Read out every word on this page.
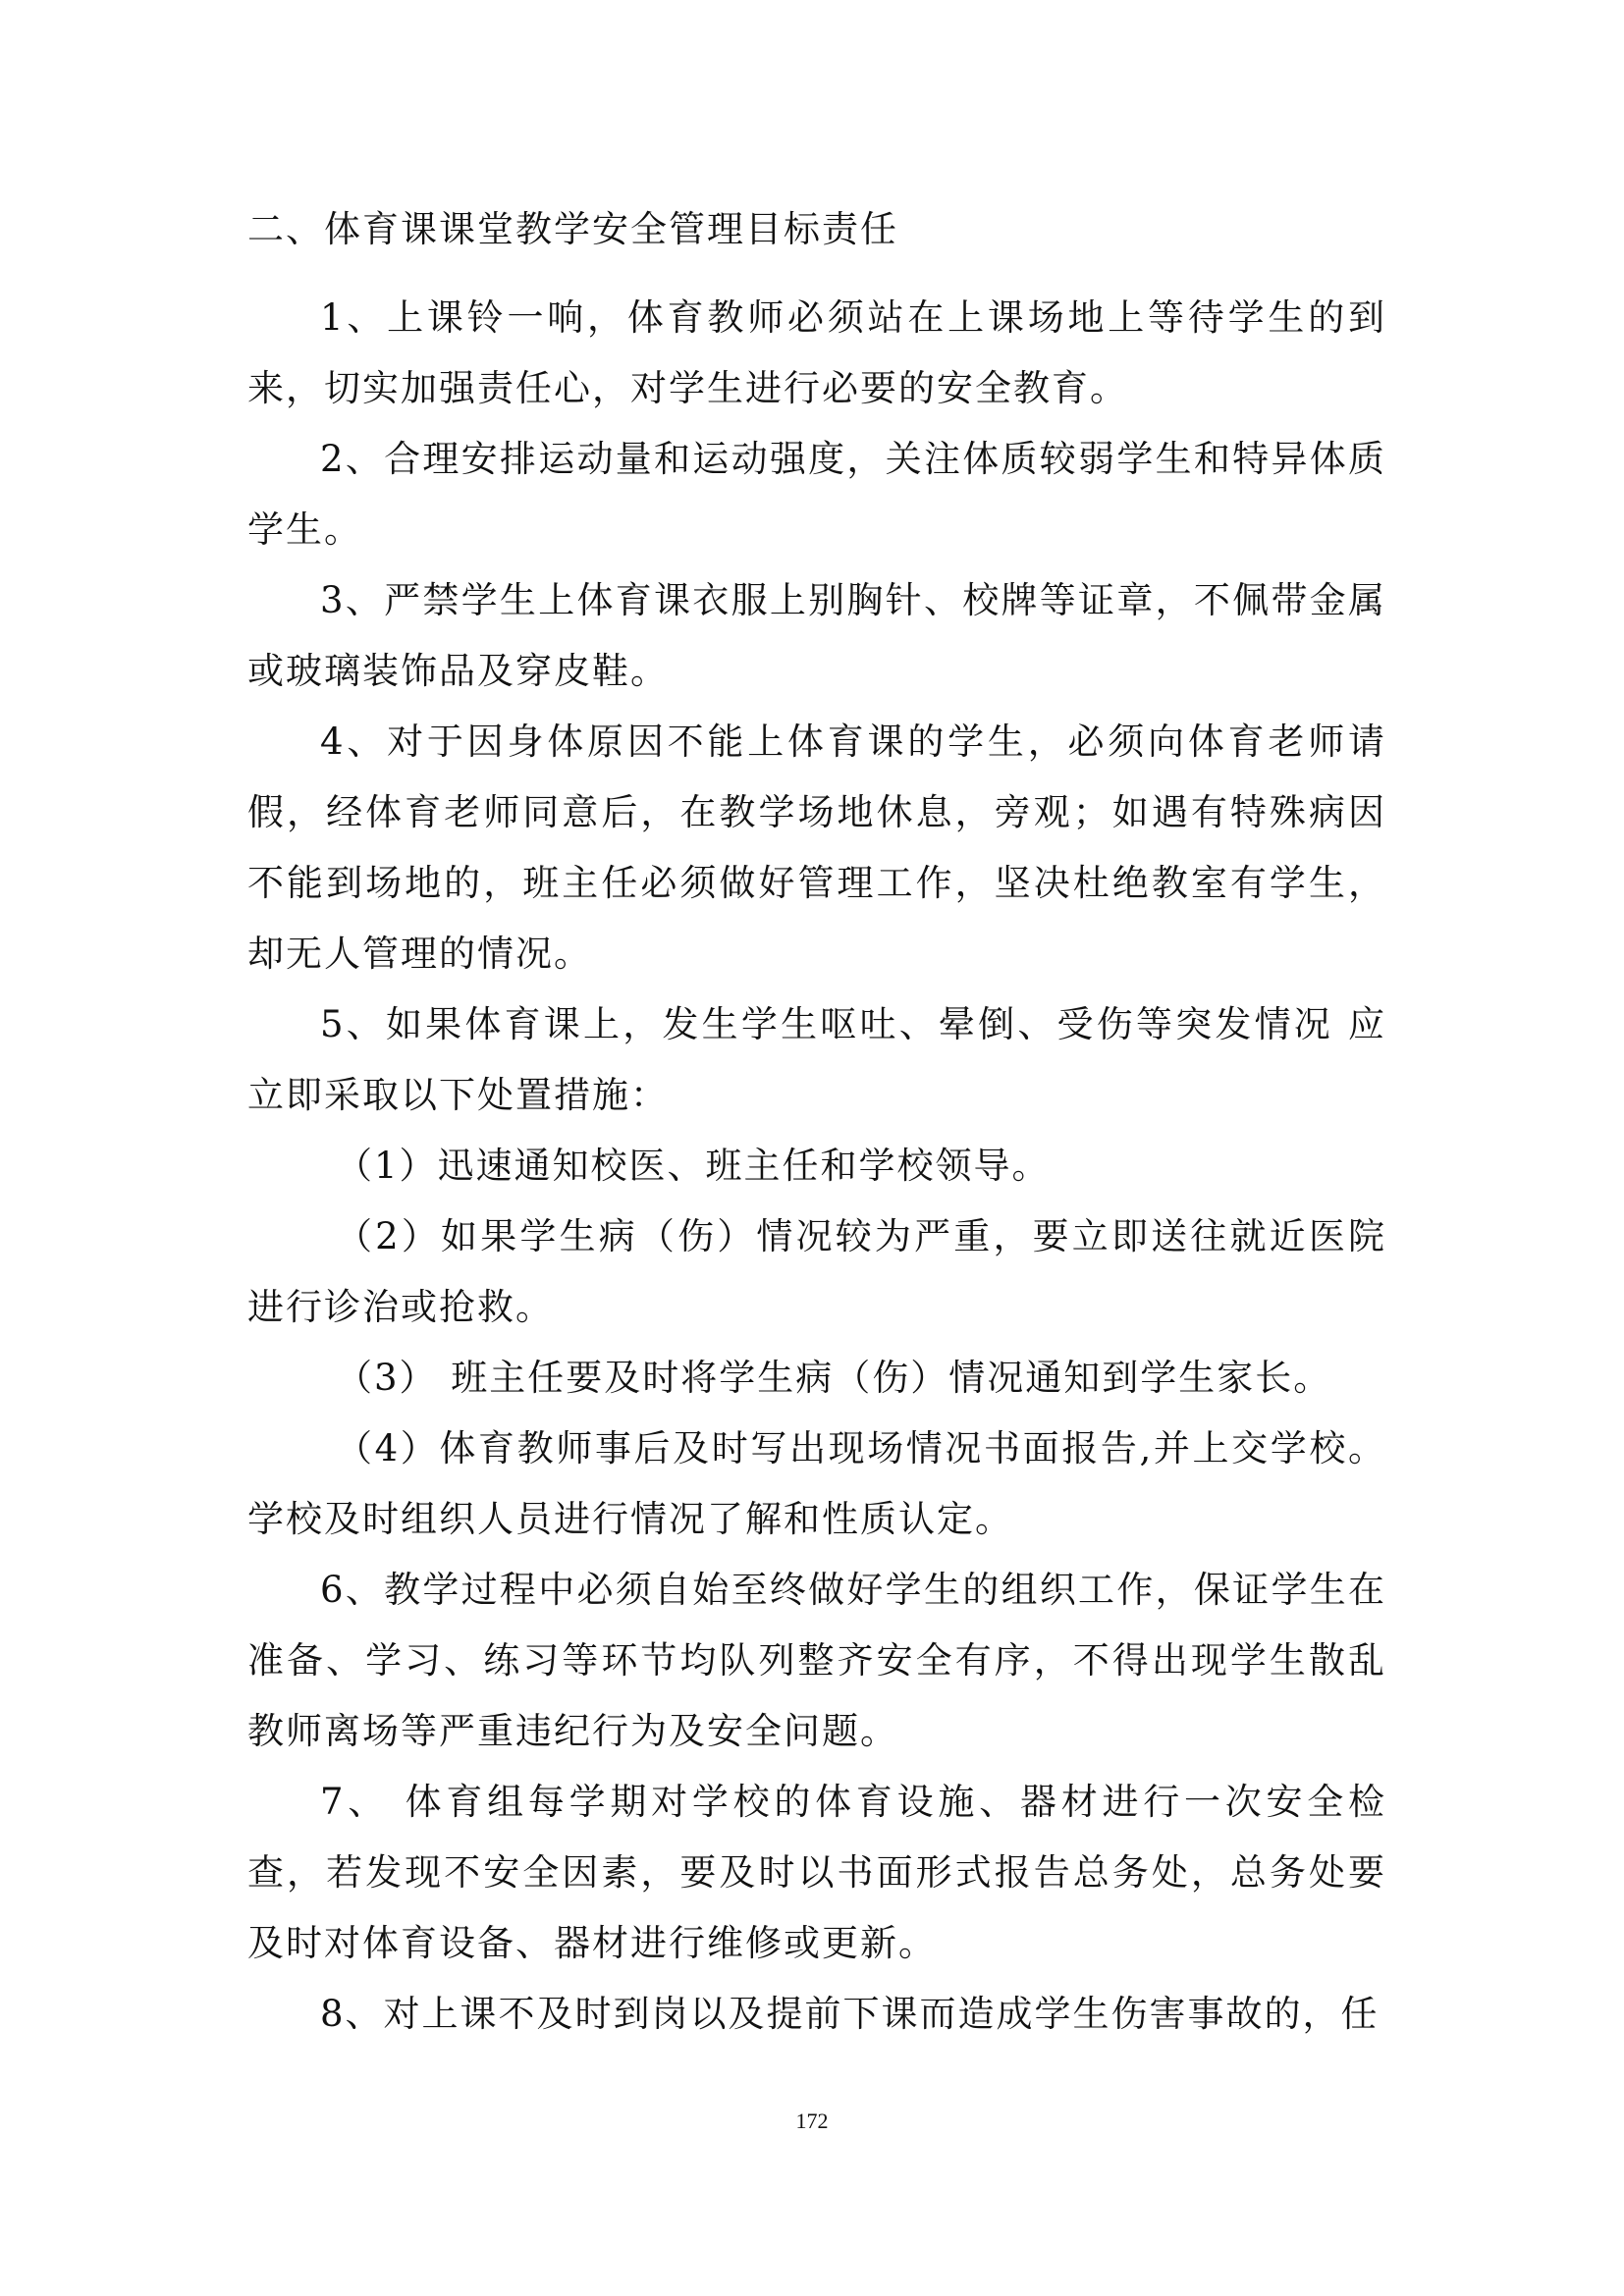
二、体育课课堂教学安全管理目标责任

1、上课铃一响，体育教师必须站在上课场地上等待学生的到来，切实加强责任心，对学生进行必要的安全教育。

2、合理安排运动量和运动强度，关注体质较弱学生和特异体质学生。

3、严禁学生上体育课衣服上别胸针、校牌等证章，不佩带金属或玻璃装饰品及穿皮鞋。

4、对于因身体原因不能上体育课的学生，必须向体育老师请假，经体育老师同意后，在教学场地休息，旁观；如遇有特殊病因不能到场地的，班主任必须做好管理工作，坚决杜绝教室有学生，却无人管理的情况。

5、如果体育课上，发生学生呕吐、晕倒、受伤等突发情况 应立即采取以下处置措施：

（1）迅速通知校医、班主任和学校领导。

（2）如果学生病（伤）情况较为严重，要立即送往就近医院进行诊治或抢救。

（3） 班主任要及时将学生病（伤）情况通知到学生家长。

（4）体育教师事后及时写出现场情况书面报告,并上交学校。学校及时组织人员进行情况了解和性质认定。

6、教学过程中必须自始至终做好学生的组织工作，保证学生在准备、学习、练习等环节均队列整齐安全有序，不得出现学生散乱教师离场等严重违纪行为及安全问题。

7、 体育组每学期对学校的体育设施、器材进行一次安全检查，若发现不安全因素，要及时以书面形式报告总务处，总务处要及时对体育设备、器材进行维修或更新。

8、对上课不及时到岗以及提前下课而造成学生伤害事故的，任

172
